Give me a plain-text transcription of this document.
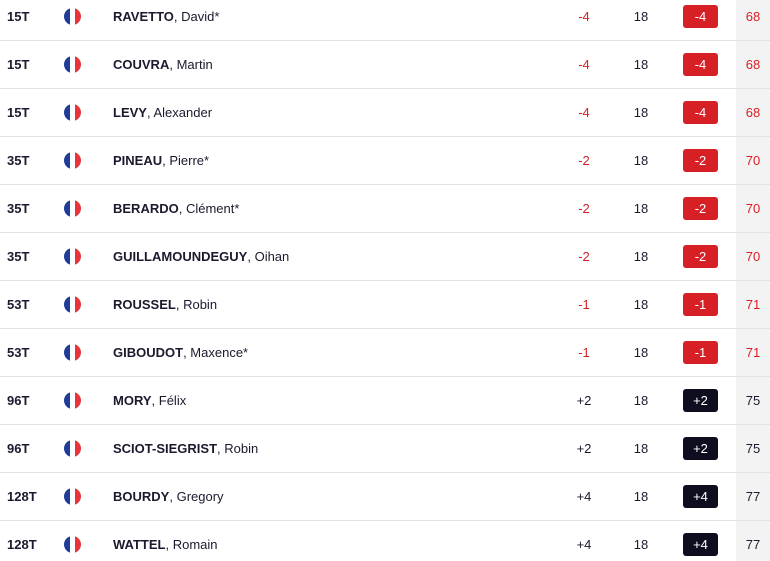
15T	RAVETTO, David*	-4	18	-4	68
15T	COUVRA, Martin	-4	18	-4	68
15T	LEVY, Alexander	-4	18	-4	68
35T	PINEAU, Pierre*	-2	18	-2	70
35T	BERARDO, Clément*	-2	18	-2	70
35T	GUILLAMOUNDEGUY, Oihan	-2	18	-2	70
53T	ROUSSEL, Robin	-1	18	-1	71
53T	GIBOUDOT, Maxence*	-1	18	-1	71
96T	MORY, Félix	+2	18	+2	75
96T	SCIOT-SIEGRIST, Robin	+2	18	+2	75
128T	BOURDY, Gregory	+4	18	+4	77
128T	WATTEL, Romain	+4	18	+4	77
